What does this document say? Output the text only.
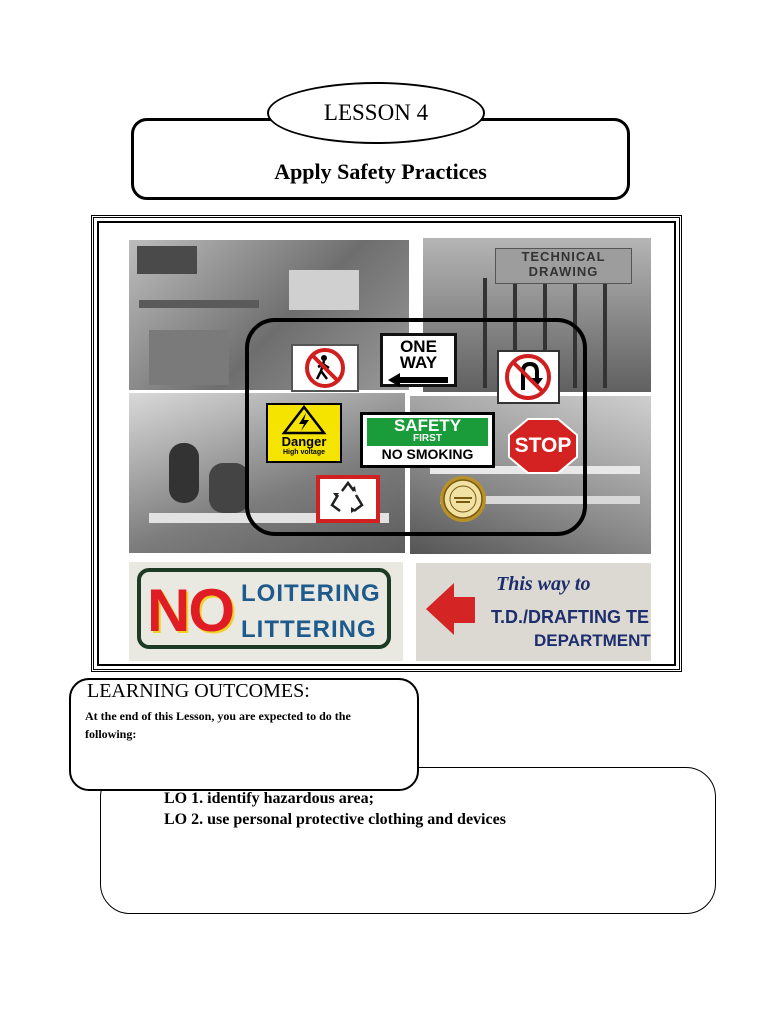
Apply Safety Practices
LESSON 4
TECHNICAL
DRAWING
ONE
WAY
Danger
High voltage
SAFETY
FIRST
NO SMOKING	STOP
NO LOITERING
LITTERING
This way to
T.D./DRAFTING TE
DEPARTMENT
LEARNING OUTCOMES:
At the end of this Lesson, you are expected to do the following:
LO 1. identify hazardous area;
LO 2. use personal protective clothing and devices
